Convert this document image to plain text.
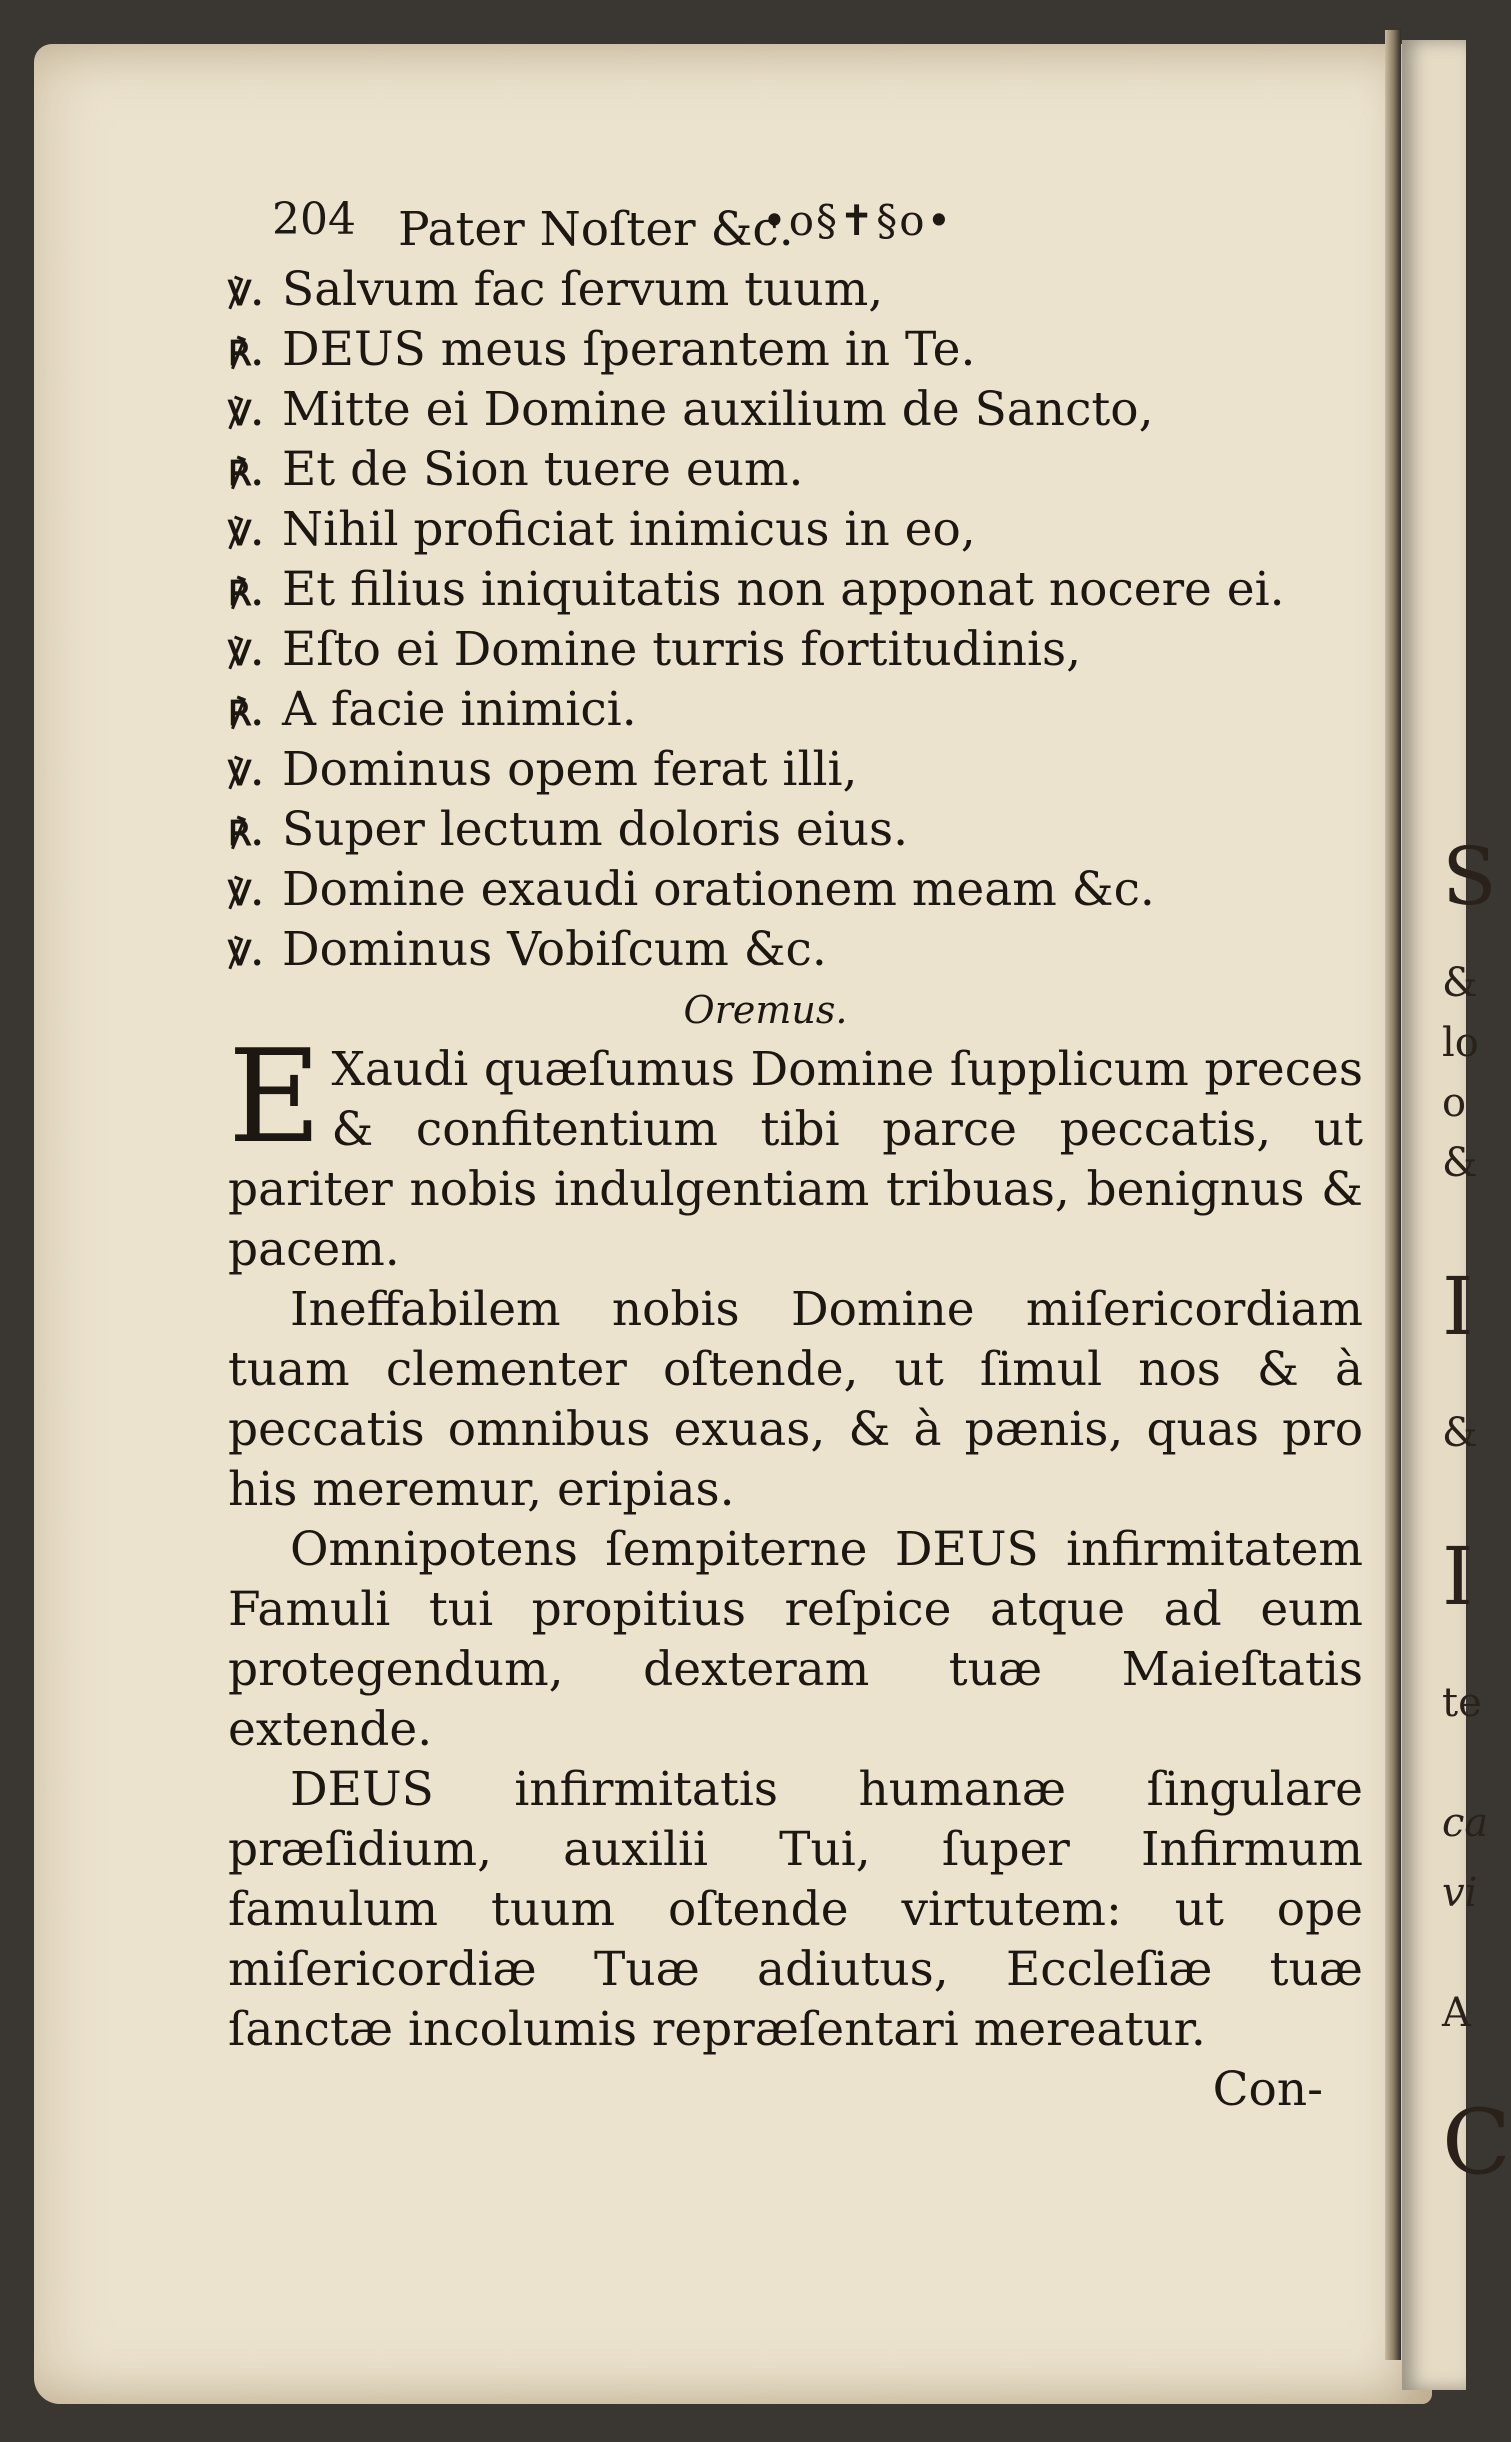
204	•o§✝§o•
S
&
lo
o
&
I
&
I
te
ca
vi
A
C
Pater Noſter &c.
℣. Salvum fac ſervum tuum,
℟. DEUS meus ſperantem in Te.
℣. Mitte ei Domine auxilium de Sancto,
℟. Et de Sion tuere eum.
℣. Nihil proficiat inimicus in eo,
℟. Et filius iniquitatis non apponat nocere ei.
℣. Eſto ei Domine turris fortitudinis,
℟. A facie inimici.
℣. Dominus opem ferat illi,
℟. Super lectum doloris eius.
℣. Domine exaudi orationem meam &c.
℣. Dominus Vobiſcum &c.
Oremus.

E Xaudi quæſumus Domine ſupplicum preces & confitentium tibi parce peccatis, ut pariter nobis indulgentiam tribuas, benignus & pacem.

Ineffabilem nobis Domine miſericordiam tuam clementer oſtende, ut ſimul nos & à peccatis omnibus exuas, & à pænis, quas pro his meremur, eripias.

Omnipotens ſempiterne DEUS infirmitatem Famuli tui propitius reſpice atque ad eum protegendum, dexteram tuæ Maieſtatis extende.

DEUS infirmitatis humanæ ſingulare præſidium, auxilii Tui, ſuper Infirmum famulum tuum oſtende virtutem: ut ope miſericordiæ Tuæ adiutus, Eccleſiæ tuæ ſanctæ incolumis repræſentari mereatur.

Con-
